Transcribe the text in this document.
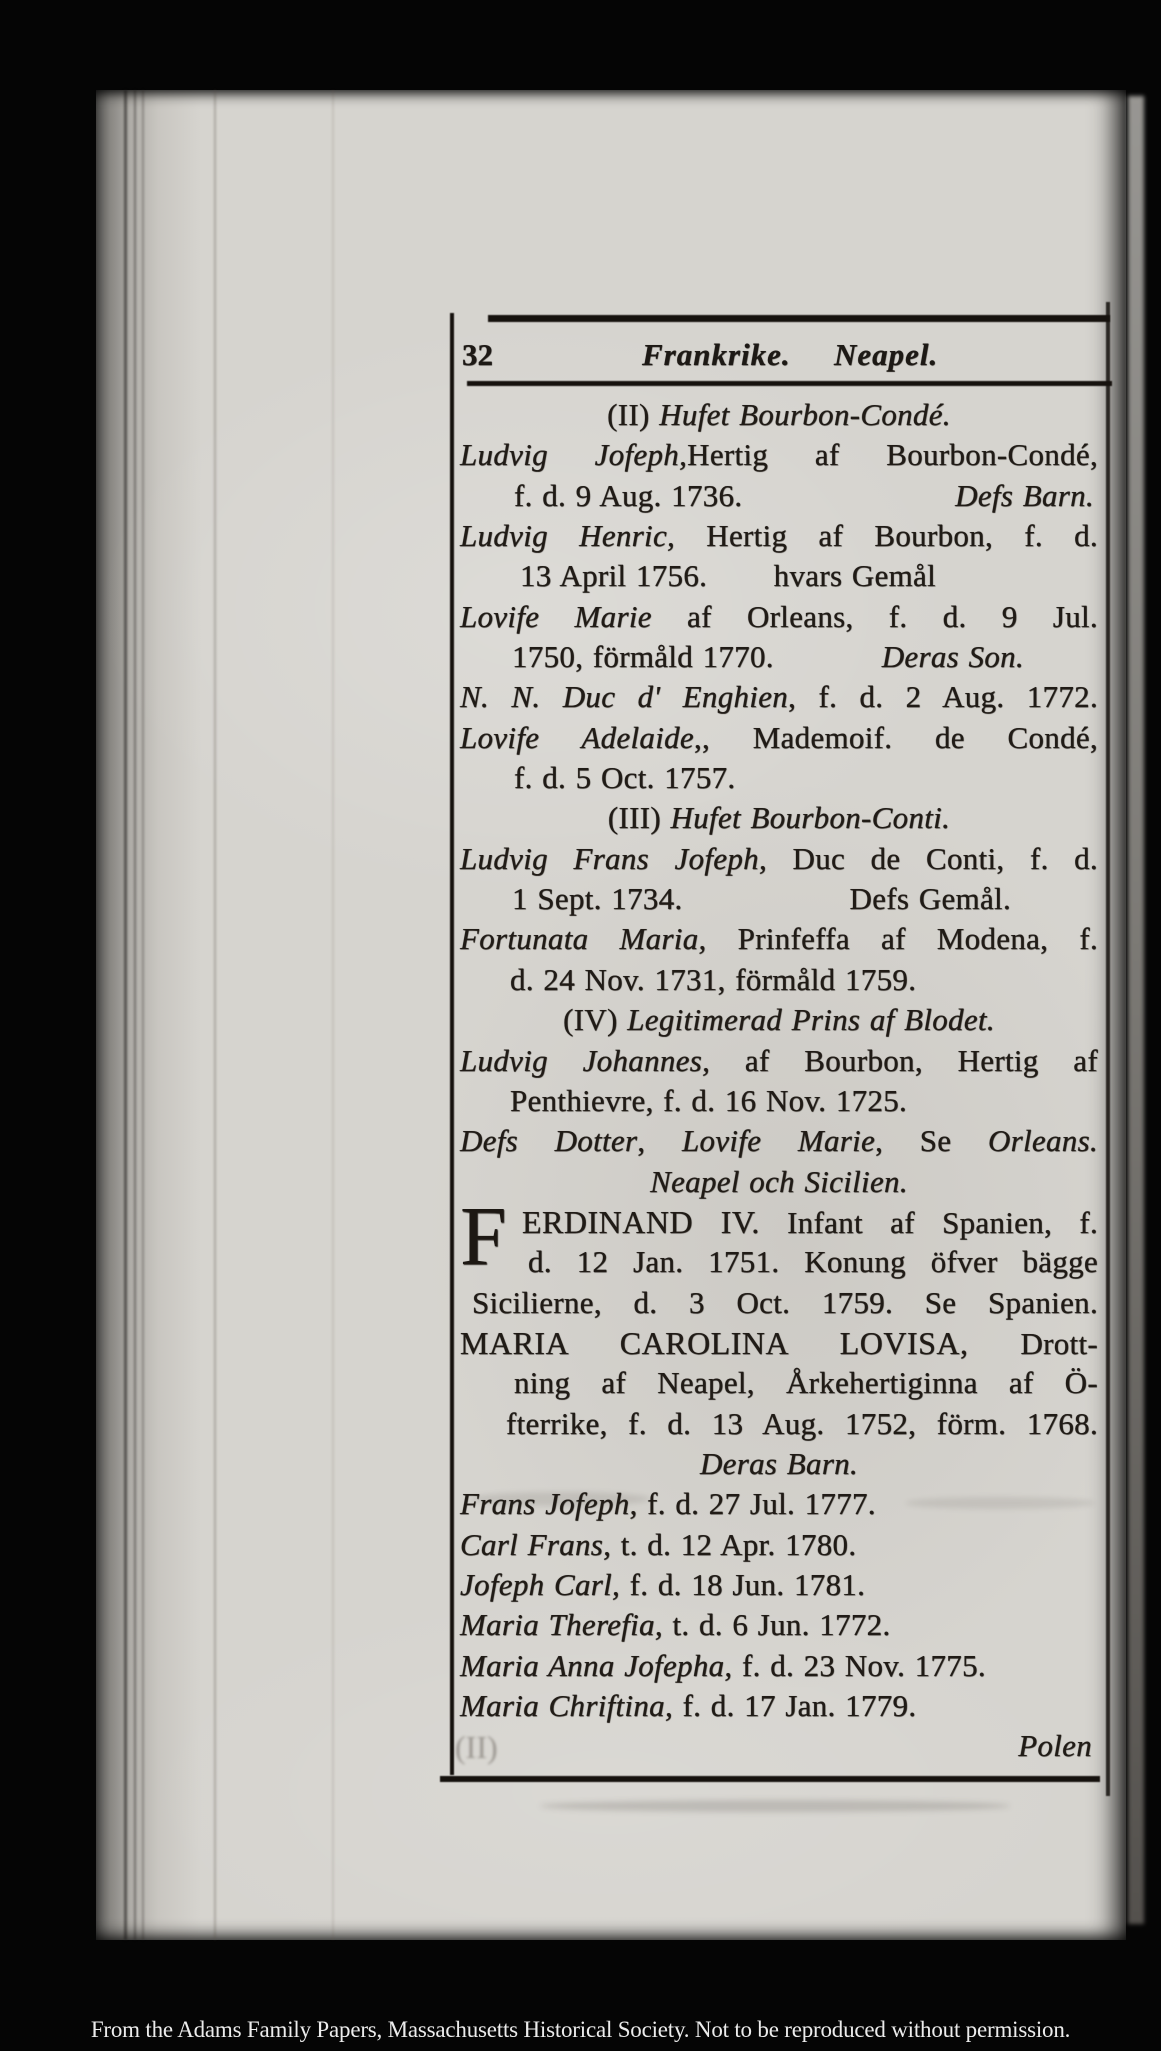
32	Frankrike. Neapel.
F
(II) Hufet Bourbon-Condé.
Ludvig Jofeph,Hertig af Bourbon-Condé,
f. d. 9 Aug. 1736.	Defs Barn.
Ludvig Henric, Hertig af Bourbon, f. d.
13 April 1756. hvars Gemål
Lovife Marie af Orleans, f. d. 9 Jul.
1750, förmåld 1770.	Deras Son.
N. N. Duc d' Enghien, f. d. 2 Aug. 1772.
Lovife Adelaide,, Mademoif. de Condé,
f. d. 5 Oct. 1757.
(III) Hufet Bourbon-Conti.
Ludvig Frans Jofeph, Duc de Conti, f. d.
1 Sept. 1734.	Defs Gemål.
Fortunata Maria, Prinfeffa af Modena, f.
d. 24 Nov. 1731, förmåld 1759.
(IV) Legitimerad Prins af Blodet.
Ludvig Johannes, af Bourbon, Hertig af
Penthievre, f. d. 16 Nov. 1725.
Defs Dotter, Lovife Marie, Se Orleans.
Neapel och Sicilien.
ERDINAND IV. Infant af Spanien, f.
d. 12 Jan. 1751. Konung öfver bägge
Sicilierne, d. 3 Oct. 1759. Se Spanien.
MARIA CAROLINA LOVISA, Drott-
ning af Neapel, Årkehertiginna af Ö-
fterrike, f. d. 13 Aug. 1752, förm. 1768.
Deras Barn.
Frans Jofeph, f. d. 27 Jul. 1777.
Carl Frans, t. d. 12 Apr. 1780.
Jofeph Carl, f. d. 18 Jun. 1781.
Maria Therefia, t. d. 6 Jun. 1772.
Maria Anna Jofepha, f. d. 23 Nov. 1775.
Maria Chriftina, f. d. 17 Jan. 1779.
Polen
(II)
From the Adams Family Papers, Massachusetts Historical Society. Not to be reproduced without permission.
